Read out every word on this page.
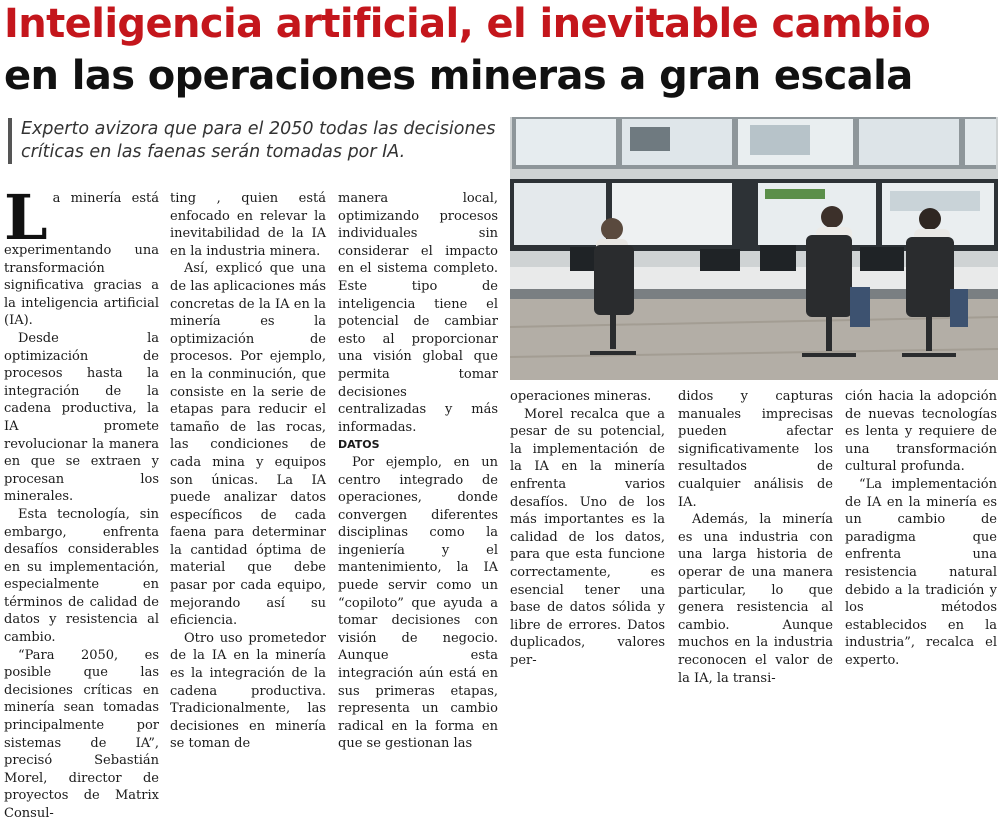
Inteligencia artificial, el inevitable cambio
en las operaciones mineras a gran escala
Experto avizora que para el 2050 todas las decisiones críticas en las faenas serán tomadas por IA.

La minería está experimentando una transformación significativa gracias a la inteligencia artificial (IA).

Desde la optimización de procesos hasta la integración de la cadena productiva, la IA promete revolucionar la manera en que se extraen y procesan los minerales.

Esta tecnología, sin embargo, enfrenta desafíos considerables en su implementación, especialmente en términos de calidad de datos y resistencia al cambio.

“Para 2050, es posible que las decisiones críticas en minería sean tomadas principalmente por sistemas de IA”, precisó Sebastián Morel, director de proyectos de Matrix Consul-

ting , quien está enfocado en relevar la inevitabilidad de la IA en la industria minera.

Así, explicó que una de las aplicaciones más concretas de la IA en la minería es la optimización de procesos. Por ejemplo, en la conminución, que consiste en la serie de etapas para reducir el tamaño de las rocas, las condiciones de cada mina y equipos son únicas. La IA puede analizar datos específicos de cada faena para determinar la cantidad óptima de material que debe pasar por cada equipo, mejorando así su eficiencia.

Otro uso prometedor de la IA en la minería es la integración de la cadena productiva. Tradicionalmente, las decisiones en minería se toman de

manera local, optimizando procesos individuales sin considerar el impacto en el sistema completo. Este tipo de inteligencia tiene el potencial de cambiar esto al proporcionar una visión global que permita tomar decisiones centralizadas y más informadas.

DATOS

Por ejemplo, en un centro integrado de operaciones, donde convergen diferentes disciplinas como la ingeniería y el mantenimiento, la IA puede servir como un “copiloto” que ayuda a tomar decisiones con visión de negocio. Aunque esta integración aún está en sus primeras etapas, representa un cambio radical en la forma en que se gestionan las

operaciones mineras.

Morel recalca que a pesar de su potencial, la implementación de la IA en la minería enfrenta varios desafíos. Uno de los más importantes es la calidad de los datos, para que esta funcione correctamente, es esencial tener una base de datos sólida y libre de errores. Datos duplicados, valores per-

didos y capturas manuales imprecisas pueden afectar significativamente los resultados de cualquier análisis de IA.

Además, la minería es una industria con una larga historia de operar de una manera particular, lo que genera resistencia al cambio. Aunque muchos en la industria reconocen el valor de la IA, la transi-

ción hacia la adopción de nuevas tecnologías es lenta y requiere de una transformación cultural profunda.

“La implementación de IA en la minería es un cambio de paradigma que enfrenta una resistencia natural debido a la tradición y los métodos establecidos en la industria”, recalca el experto.
